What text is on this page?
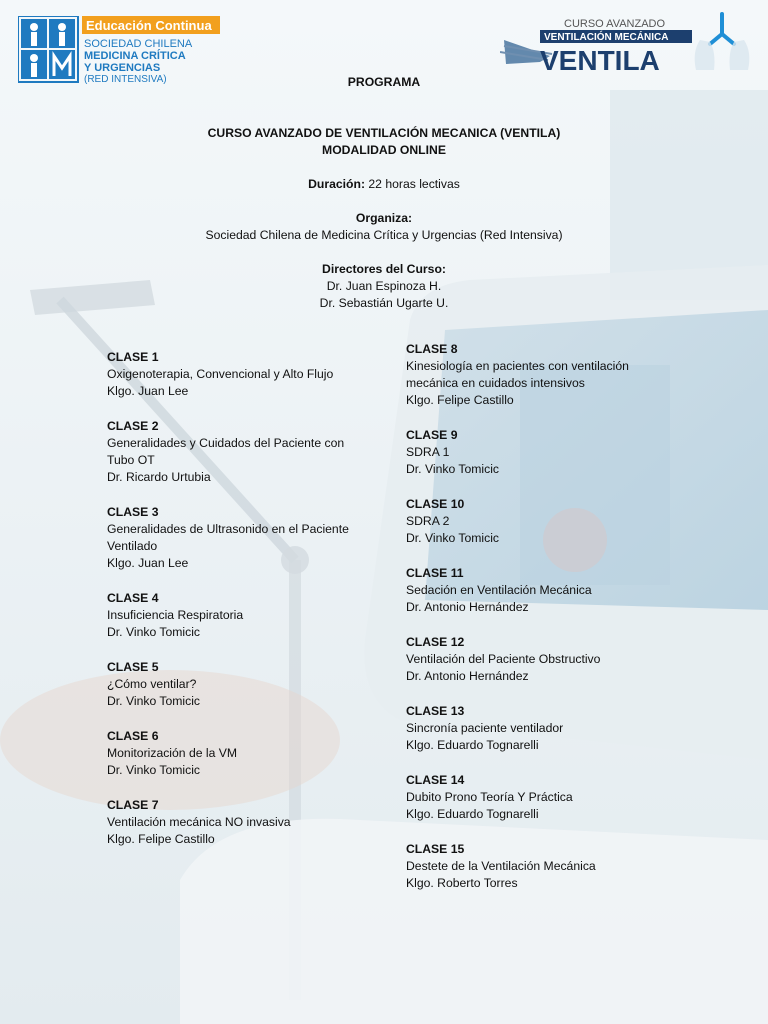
Educación Continua
SOCIEDAD CHILENA
MEDICINA CRÍTICA
Y URGENCIAS
(RED INTENSIVA)
CURSO AVANZADO
VENTILACIÓN MECÁNICA
VENTILA
PROGRAMA
CURSO AVANZADO DE VENTILACIÓN MECANICA (VENTILA)
MODALIDAD ONLINE
Duración: 22 horas lectivas
Organiza:
Sociedad Chilena de Medicina Crítica y Urgencias (Red Intensiva)
Directores del Curso:
Dr. Juan Espinoza H.
Dr. Sebastián Ugarte U.
CLASE 1
Oxigenoterapia, Convencional y Alto Flujo
Klgo. Juan Lee
CLASE 2
Generalidades y Cuidados del Paciente con Tubo OT
Dr. Ricardo Urtubia
CLASE 3
Generalidades de Ultrasonido en el Paciente Ventilado
Klgo. Juan Lee
CLASE 4
Insuficiencia Respiratoria
Dr. Vinko Tomicic
CLASE 5
¿Cómo ventilar?
Dr. Vinko Tomicic
CLASE 6
Monitorización de la VM
Dr. Vinko Tomicic
CLASE 7
Ventilación mecánica NO invasiva
Klgo. Felipe Castillo
CLASE 8
Kinesiología en pacientes con ventilación mecánica en cuidados intensivos
Klgo. Felipe Castillo
CLASE 9
SDRA 1
Dr. Vinko Tomicic
CLASE 10
SDRA 2
Dr. Vinko Tomicic
CLASE 11
Sedación en Ventilación Mecánica
Dr. Antonio Hernández
CLASE 12
Ventilación del Paciente Obstructivo
Dr. Antonio Hernández
CLASE 13
Sincronía paciente ventilador
Klgo. Eduardo Tognarelli
CLASE 14
Dubito Prono Teoría Y Práctica
Klgo. Eduardo Tognarelli
CLASE 15
Destete de la Ventilación Mecánica
Klgo. Roberto Torres
